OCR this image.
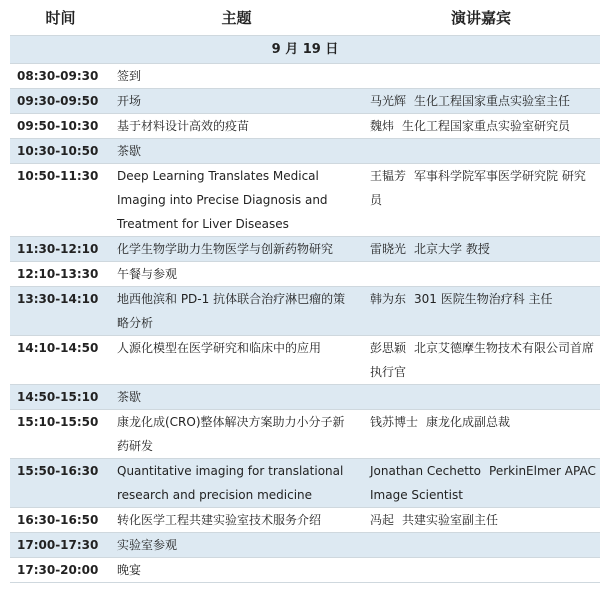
时间	主题	演讲嘉宾
9 月 19 日		
08:30-09:30	签到	
09:30-09:50	开场	马光辉 生化工程国家重点实验室主任
09:50-10:30	基于材料设计高效的疫苗	魏炜 生化工程国家重点实验室研究员
10:30-10:50	茶歇	
10:50-11:30	Deep Learning Translates Medical Imaging into Precise Diagnosis and Treatment for Liver Diseases	王韫芳 军事科学院军事医学研究院 研究员
11:30-12:10	化学生物学助力生物医学与创新药物研究	雷晓光 北京大学 教授
12:10-13:30	午餐与参观	
13:30-14:10	地西他滨和 PD-1 抗体联合治疗淋巴瘤的策略分析	韩为东 301 医院生物治疗科 主任
14:10-14:50	人源化模型在医学研究和临床中的应用	彭思颖 北京艾德摩生物技术有限公司首席执行官
14:50-15:10	茶歇	
15:10-15:50	康龙化成(CRO)整体解决方案助力小分子新药研发	钱苏博士 康龙化成副总裁
15:50-16:30	Quantitative imaging for translational research and precision medicine	Jonathan Cechetto PerkinElmer APAC Image Scientist
16:30-16:50	转化医学工程共建实验室技术服务介绍	冯起 共建实验室副主任
17:00-17:30	实验室参观	
17:30-20:00	晚宴	
